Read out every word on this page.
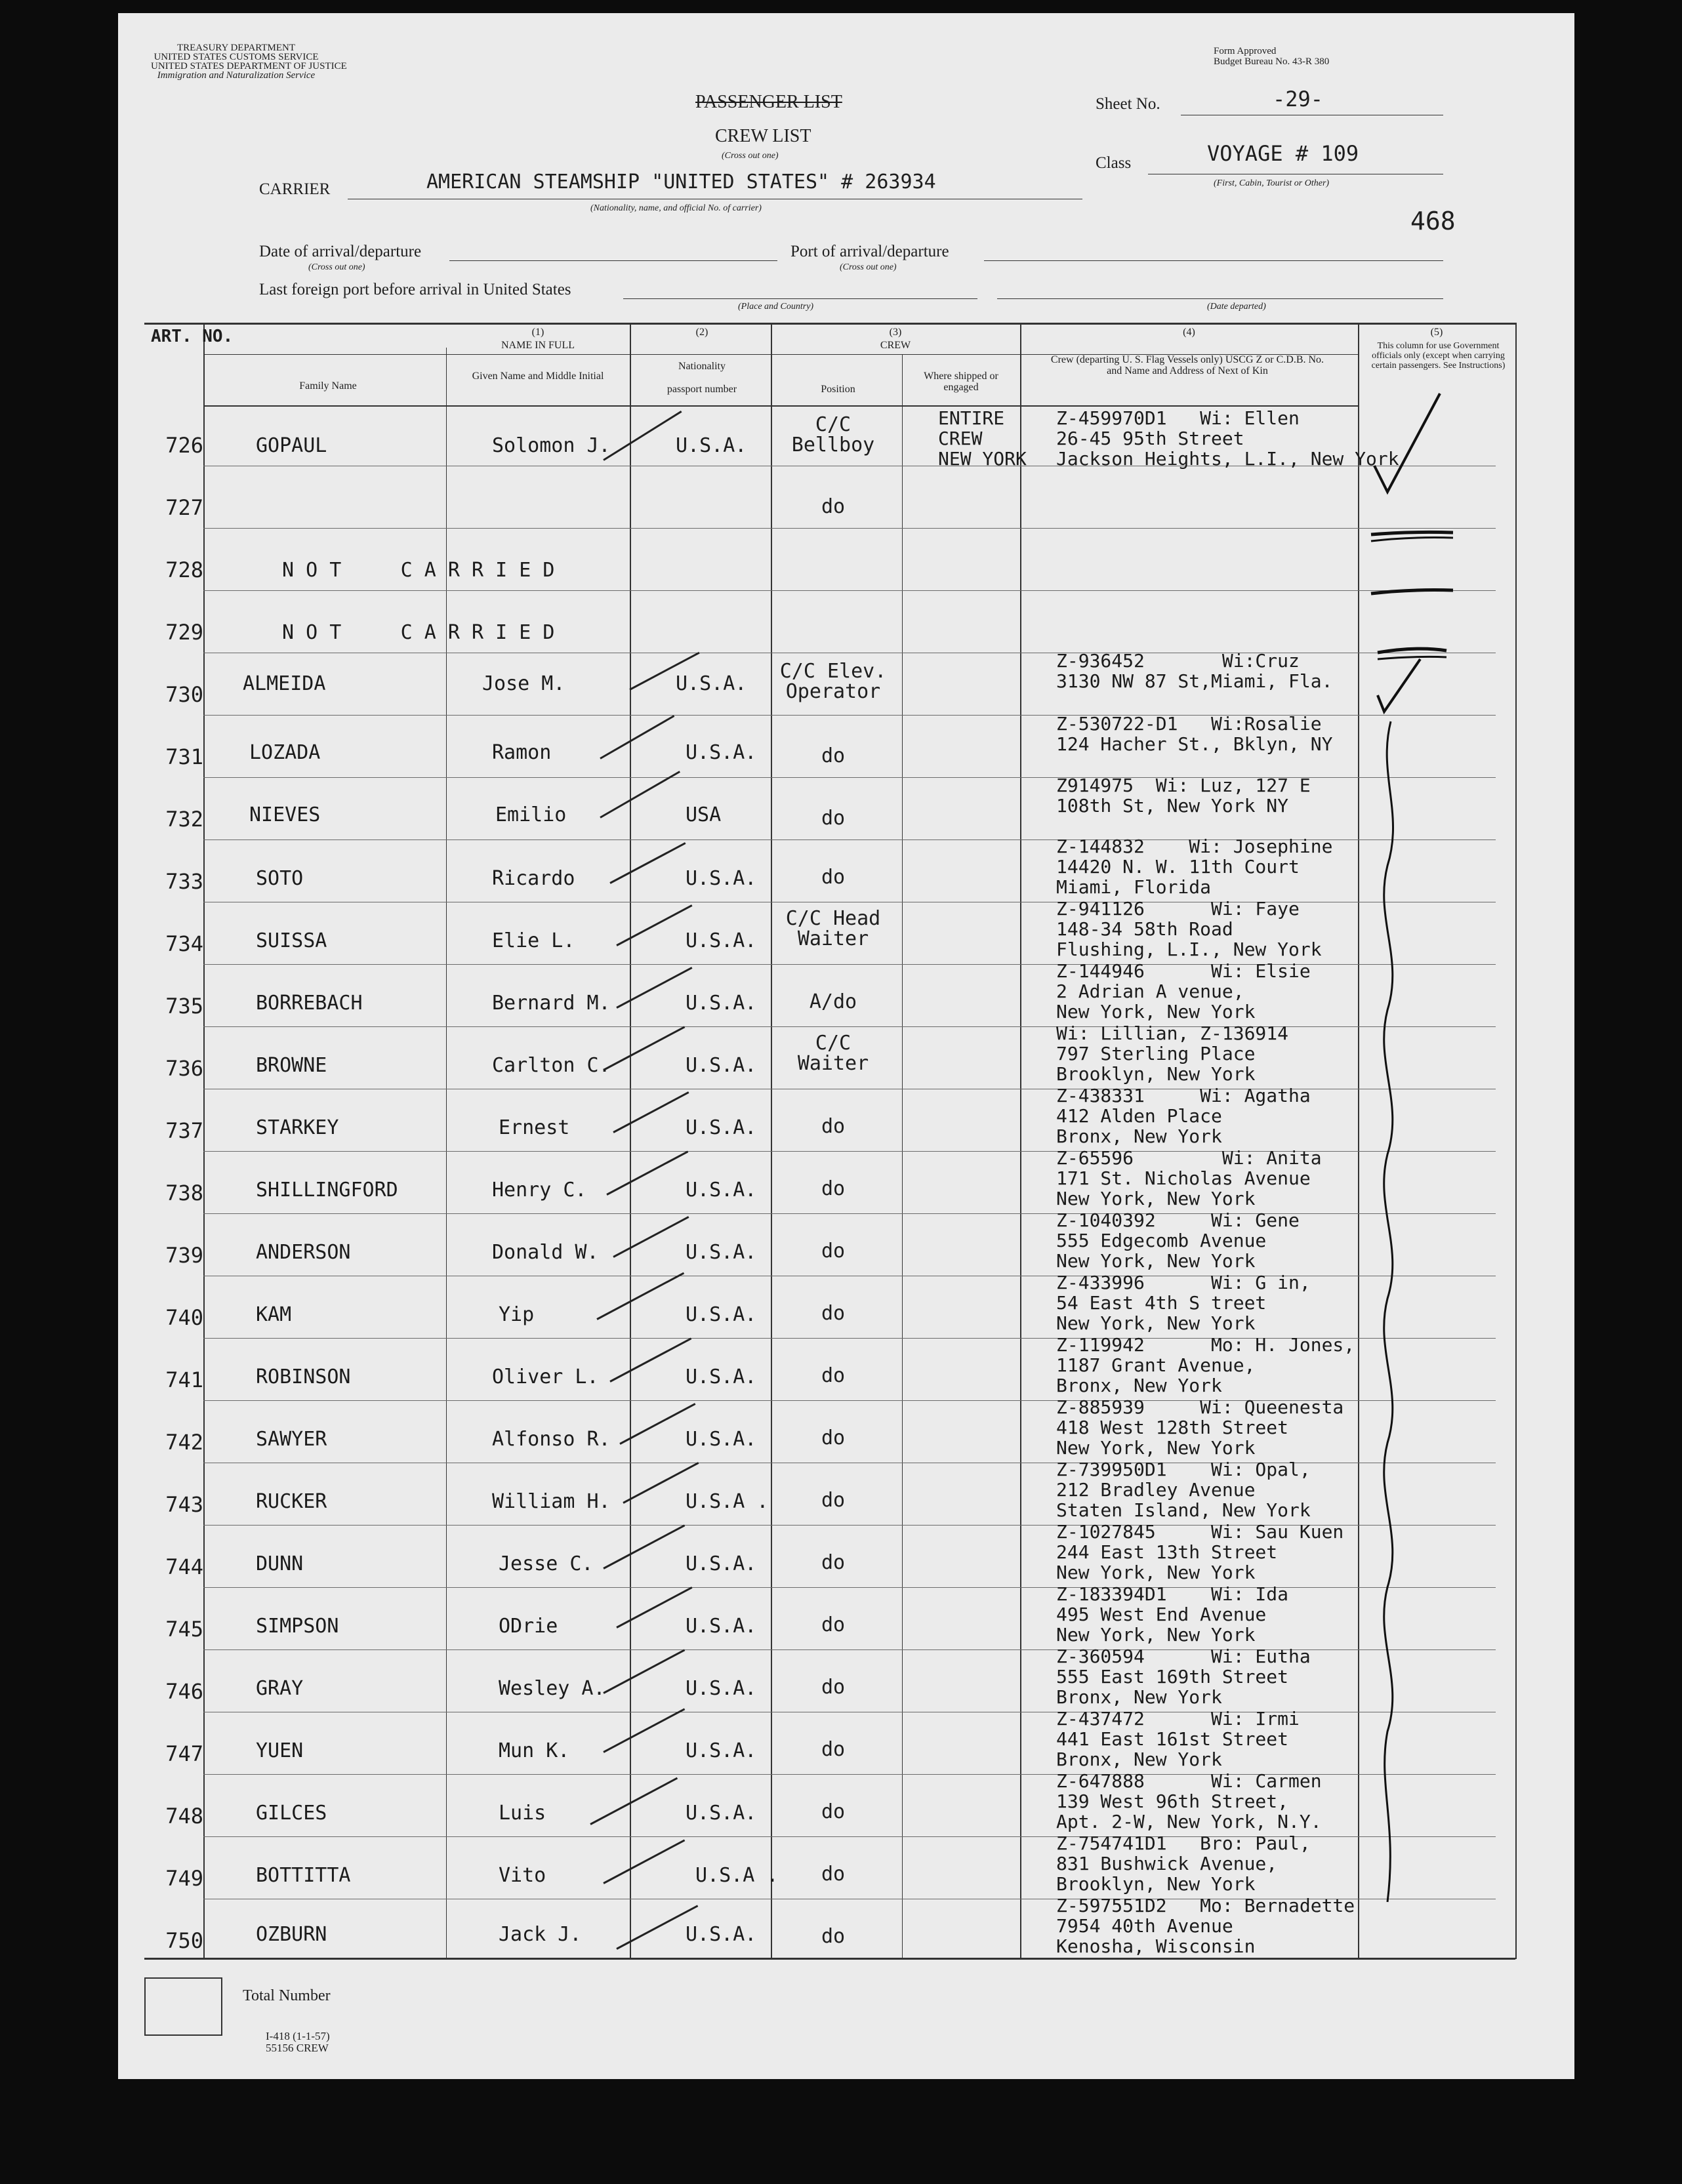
TREASURY DEPARTMENT
UNITED STATES CUSTOMS SERVICE
UNITED STATES DEPARTMENT OF JUSTICE
Immigration and Naturalization Service
Form Approved
Budget Bureau No. 43-R 380
PASSENGER LIST
CREW LIST
(Cross out one)
Sheet No.	-29-
Class	VOYAGE # 109
(First, Cabin, Tourist or Other)
468
CARRIER	AMERICAN STEAMSHIP "UNITED STATES" # 263934
(Nationality, name, and official No. of carrier)
Date of arrival/departure
(Cross out one)
Port of arrival/departure
(Cross out one)
Last foreign port before arrival in United States
(Place and Country)	(Date departed)
ART. NO.	(1)
NAME IN FULL
Family Name
Given Name and Middle Initial
(2)
Nationality
passport number
(3)
CREW
Position
Where shipped or engaged
(4)
Crew (departing U. S. Flag Vessels only) USCG Z or C.D.B. No. and Name and Address of Next of Kin
(5)
This column for use Government officials only (except when carrying certain passengers. See Instructions)
726	GOPAUL	Solomon J.	U.S.A.
C/C
Bellboy
ENTIRE
CREW
NEW YORK
Z-459970D1   Wi: Ellen
26-45 95th Street
Jackson Heights, L.I., New York
727	do
728	N O T     C A R R I E D
729	N O T     C A R R I E D
730 ALMEIDA	Jose M.	U.S.A.
C/C Elev.
Operator
Z-936452       Wi:Cruz
3130 NW 87 St,Miami, Fla.
731 LOZADA	Ramon	U.S.A.	do
Z-530722-D1   Wi:Rosalie
124 Hacher St., Bklyn, NY
732 NIEVES	Emilio	USA	do
Z914975  Wi: Luz, 127 E
108th St, New York NY
733	SOTO	Ricardo	U.S.A.	do
Z-144832    Wi: Josephine
14420 N. W. 11th Court
Miami, Florida
734	SUISSA	Elie L.	U.S.A.
C/C Head
Waiter
Z-941126      Wi: Faye
148-34 58th Road
Flushing, L.I., New York
735	BORREBACH	Bernard M.	U.S.A.	A/do
Z-144946      Wi: Elsie
2 Adrian A venue,
New York, New York
736	BROWNE	Carlton C.	U.S.A.
C/C
Waiter
Wi: Lillian, Z-136914
797 Sterling Place
Brooklyn, New York
737	STARKEY	Ernest	U.S.A.	do
Z-438331     Wi: Agatha
412 Alden Place
Bronx, New York
738	SHILLINGFORD	Henry C.	U.S.A.	do
Z-65596        Wi: Anita
171 St. Nicholas Avenue
New York, New York
739	ANDERSON	Donald W.	U.S.A.	do
Z-1040392     Wi: Gene
555 Edgecomb Avenue
New York, New York
740	KAM	Yip	U.S.A.	do
Z-433996      Wi: G in,
54 East 4th S treet
New York, New York
741	ROBINSON	Oliver L.	U.S.A.	do
Z-119942      Mo: H. Jones,
1187 Grant Avenue,
Bronx, New York
742	SAWYER	Alfonso R.	U.S.A.	do
Z-885939     Wi: Queenesta
418 West 128th Street
New York, New York
743	RUCKER	William H.	U.S.A .	do
Z-739950D1    Wi: Opal,
212 Bradley Avenue
Staten Island, New York
744	DUNN	Jesse C.	U.S.A.	do
Z-1027845     Wi: Sau Kuen
244 East 13th Street
New York, New York
745	SIMPSON	ODrie	U.S.A.	do
Z-183394D1    Wi: Ida
495 West End Avenue
New York, New York
746	GRAY	Wesley A.	U.S.A.	do
Z-360594      Wi: Eutha
555 East 169th Street
Bronx, New York
747	YUEN	Mun K.	U.S.A.	do
Z-437472      Wi: Irmi
441 East 161st Street
Bronx, New York
748	GILCES	Luis	U.S.A.	do
Z-647888      Wi: Carmen
139 West 96th Street,
Apt. 2-W, New York, N.Y.
749	BOTTITTA	Vito	U.S.A .	do
Z-754741D1   Bro: Paul,
831 Bushwick Avenue,
Brooklyn, New York
750	OZBURN	Jack J.	U.S.A.	do
Z-597551D2   Mo: Bernadette
7954 40th Avenue
Kenosha, Wisconsin
Total Number
I-418 (1-1-57)
55156 CREW
